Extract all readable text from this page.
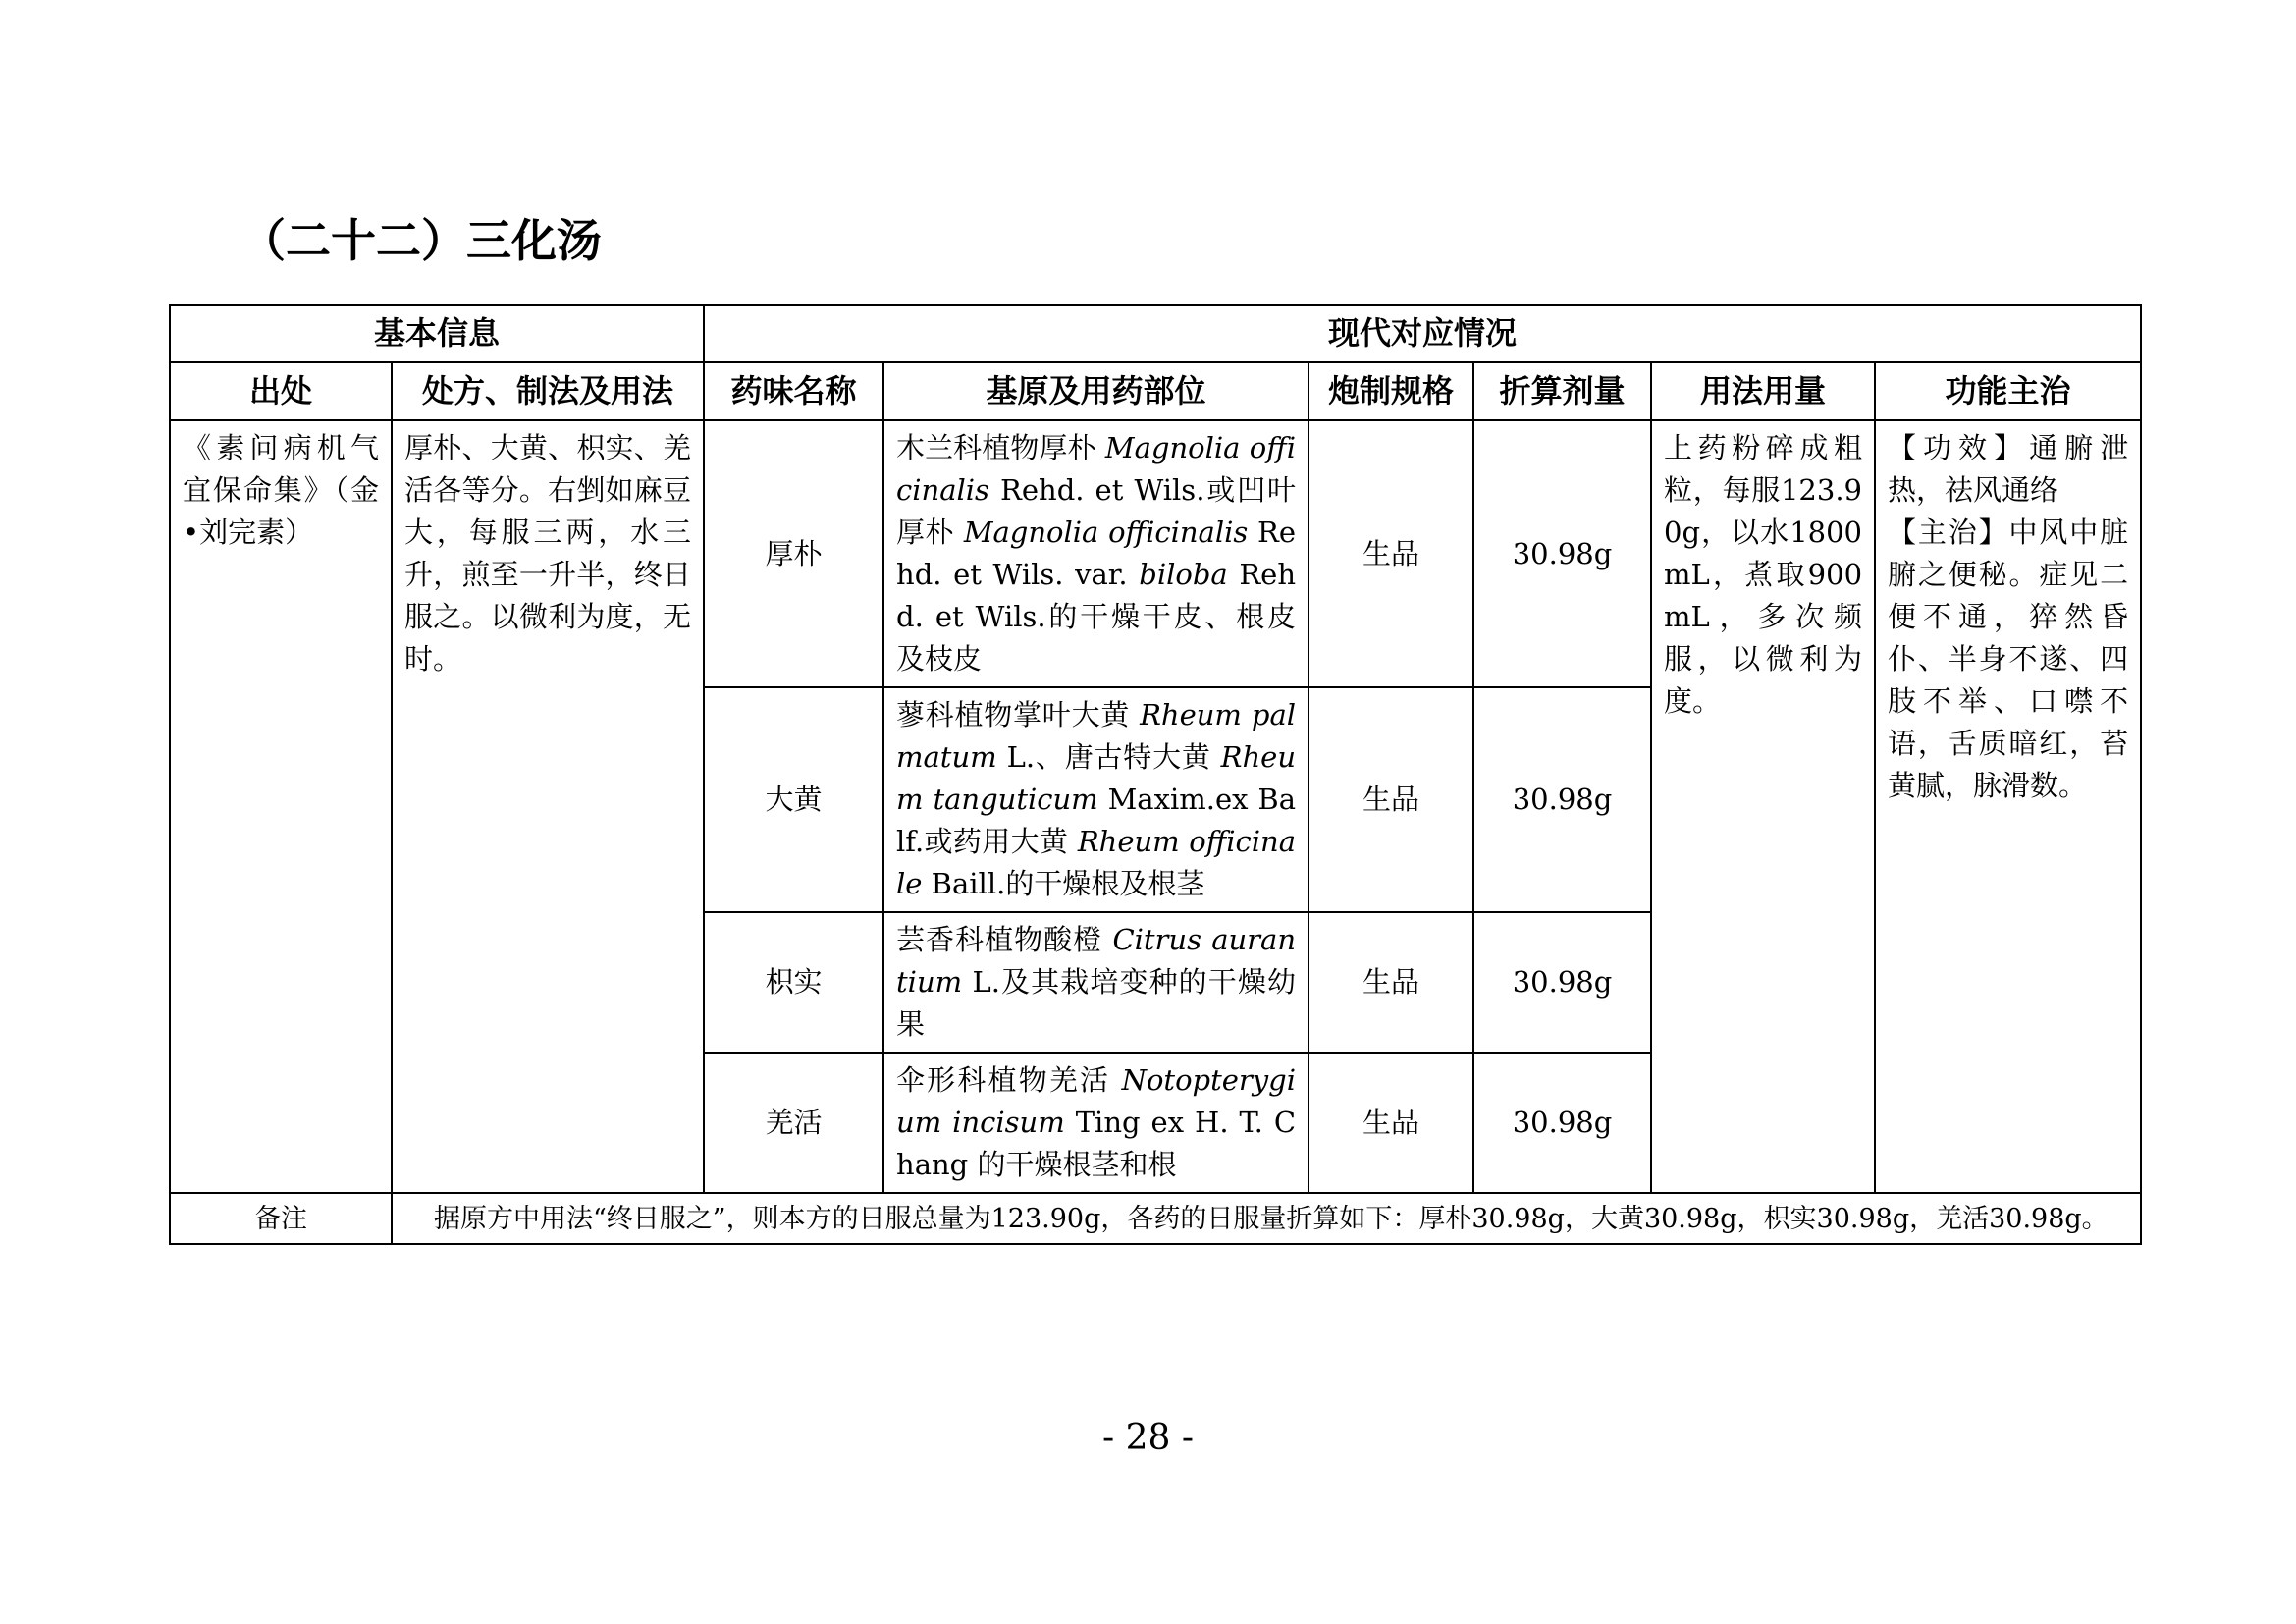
（二十二）三化汤
基本信息		现代对应情况					
出处	处方、制法及用法	药味名称	基原及用药部位	炮制规格	折算剂量	用法用量	功能主治
《素问病机气宜保命集》（金•刘完素）	厚朴、大黄、枳实、羌活各等分。右剉如麻豆大，每服三两，水三升，煎至一升半，终日服之。以微利为度，无时。	厚朴	木兰科植物厚朴 Magnolia officinalis Rehd. et Wils.或凹叶厚朴 Magnolia officinalis Rehd. et Wils. var. biloba Rehd. et Wils.的干燥干皮、根皮及枝皮	生品	30.98g	上药粉碎成粗粒，每服123.90g，以水1800mL，煮取900mL，多次频服，以微利为度。	【功效】通腑泄热，祛风通络
【主治】中风中脏腑之便秘。症见二便不通，猝然昏仆、半身不遂、四肢不举、口噤不语，舌质暗红，苔黄腻，脉滑数。
		大黄	蓼科植物掌叶大黄 Rheum palmatum L.、唐古特大黄 Rheum tanguticum Maxim.ex Balf.或药用大黄 Rheum officinale Baill.的干燥根及根茎	生品	30.98g		
		枳实	芸香科植物酸橙 Citrus aurantium L.及其栽培变种的干燥幼果	生品	30.98g		
		羌活	伞形科植物羌活 Notopterygium incisum Ting ex H. T. Chang 的干燥根茎和根	生品	30.98g		
备注	据原方中用法“终日服之”，则本方的日服总量为123.90g，各药的日服量折算如下：厚朴30.98g，大黄30.98g，枳实30.98g，羌活30.98g。						
- 28 -
